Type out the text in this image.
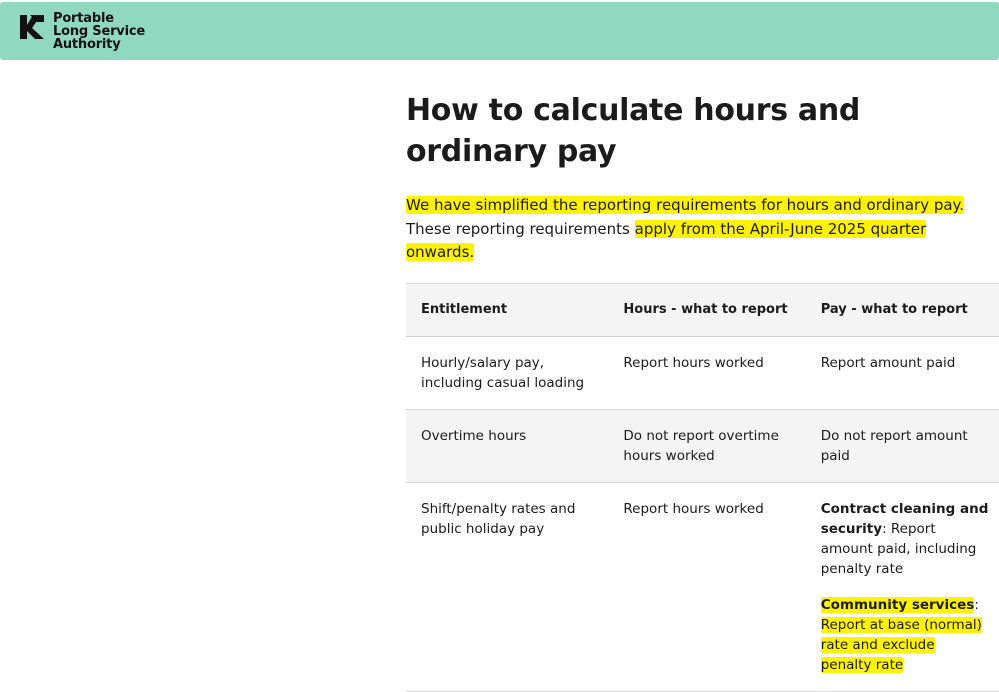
Portable
Long Service
Authority
How to calculate hours and ordinary pay

We have simplified the reporting requirements for hours and ordinary pay. These reporting requirements apply from the April-June 2025 quarter onwards.

Entitlement	Hours - what to report	Pay - what to report
Hourly/salary pay, including casual loading	Report hours worked	Report amount paid
Overtime hours	Do not report overtime hours worked	Do not report amount paid
Shift/penalty rates and public holiday pay	Report hours worked	Contract cleaning and security: Report amount paid, including penalty rate
Community services:
Report at base (normal) rate and exclude penalty rate
